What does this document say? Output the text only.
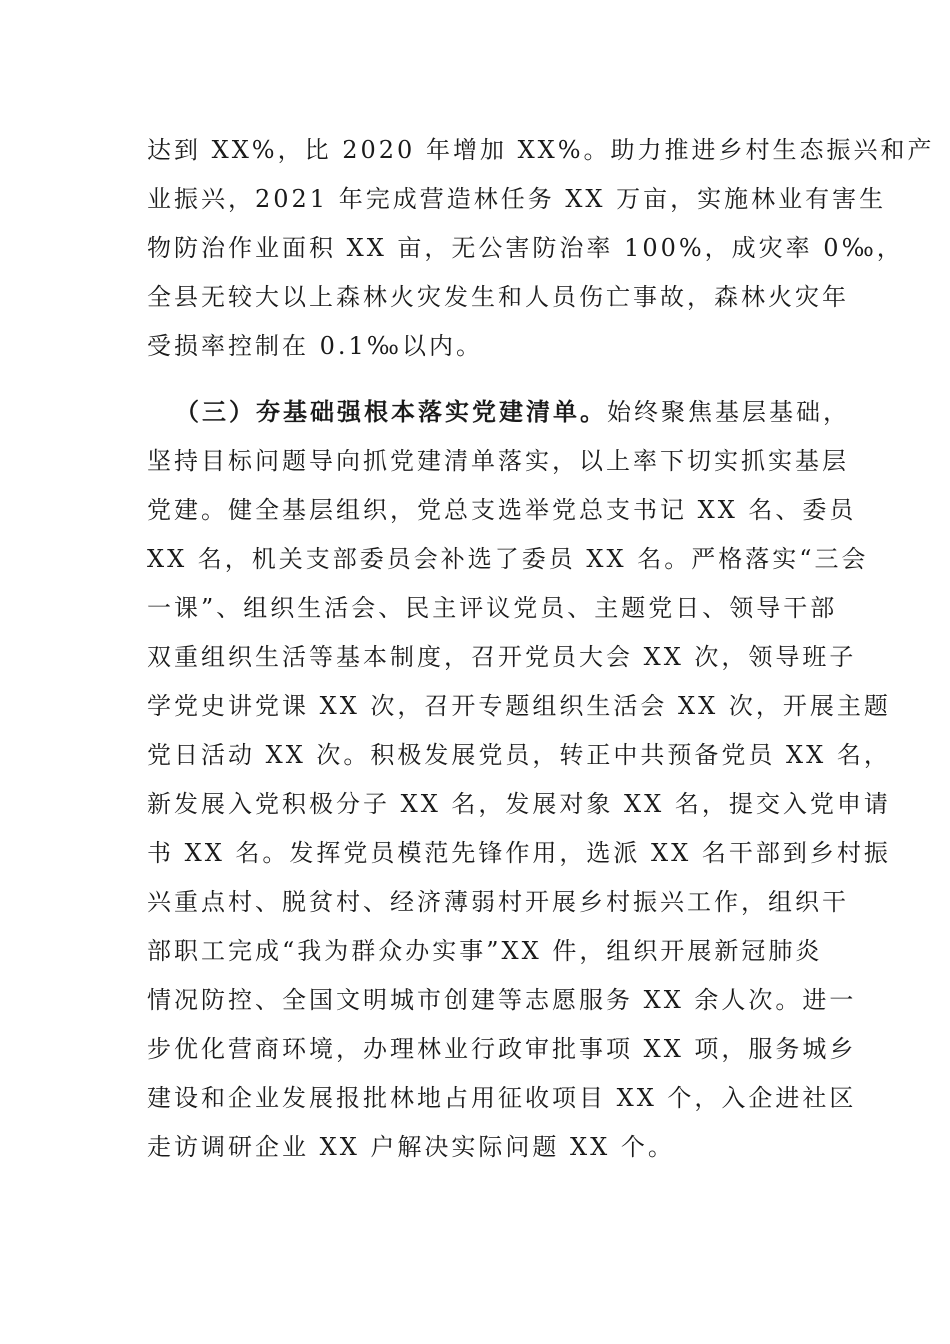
达到 XX%，比 2020 年增加 XX%。助力推进乡村生态振兴和产
业振兴，2021 年完成营造林任务 XX 万亩，实施林业有害生
物防治作业面积 XX 亩，无公害防治率 100%，成灾率 0‰，
全县无较大以上森林火灾发生和人员伤亡事故，森林火灾年
受损率控制在 0.1‰以内。
（三）夯基础强根本落实党建清单。始终聚焦基层基础，
坚持目标问题导向抓党建清单落实，以上率下切实抓实基层
党建。健全基层组织，党总支选举党总支书记 XX 名、委员
XX 名，机关支部委员会补选了委员 XX 名。严格落实“三会
一课”、组织生活会、民主评议党员、主题党日、领导干部
双重组织生活等基本制度，召开党员大会 XX 次，领导班子
学党史讲党课 XX 次，召开专题组织生活会 XX 次，开展主题
党日活动 XX 次。积极发展党员，转正中共预备党员 XX 名，
新发展入党积极分子 XX 名，发展对象 XX 名，提交入党申请
书 XX 名。发挥党员模范先锋作用，选派 XX 名干部到乡村振
兴重点村、脱贫村、经济薄弱村开展乡村振兴工作，组织干
部职工完成“我为群众办实事”XX 件，组织开展新冠肺炎
情况防控、全国文明城市创建等志愿服务 XX 余人次。进一
步优化营商环境，办理林业行政审批事项 XX 项，服务城乡
建设和企业发展报批林地占用征收项目 XX 个，入企进社区
走访调研企业 XX 户解决实际问题 XX 个。
